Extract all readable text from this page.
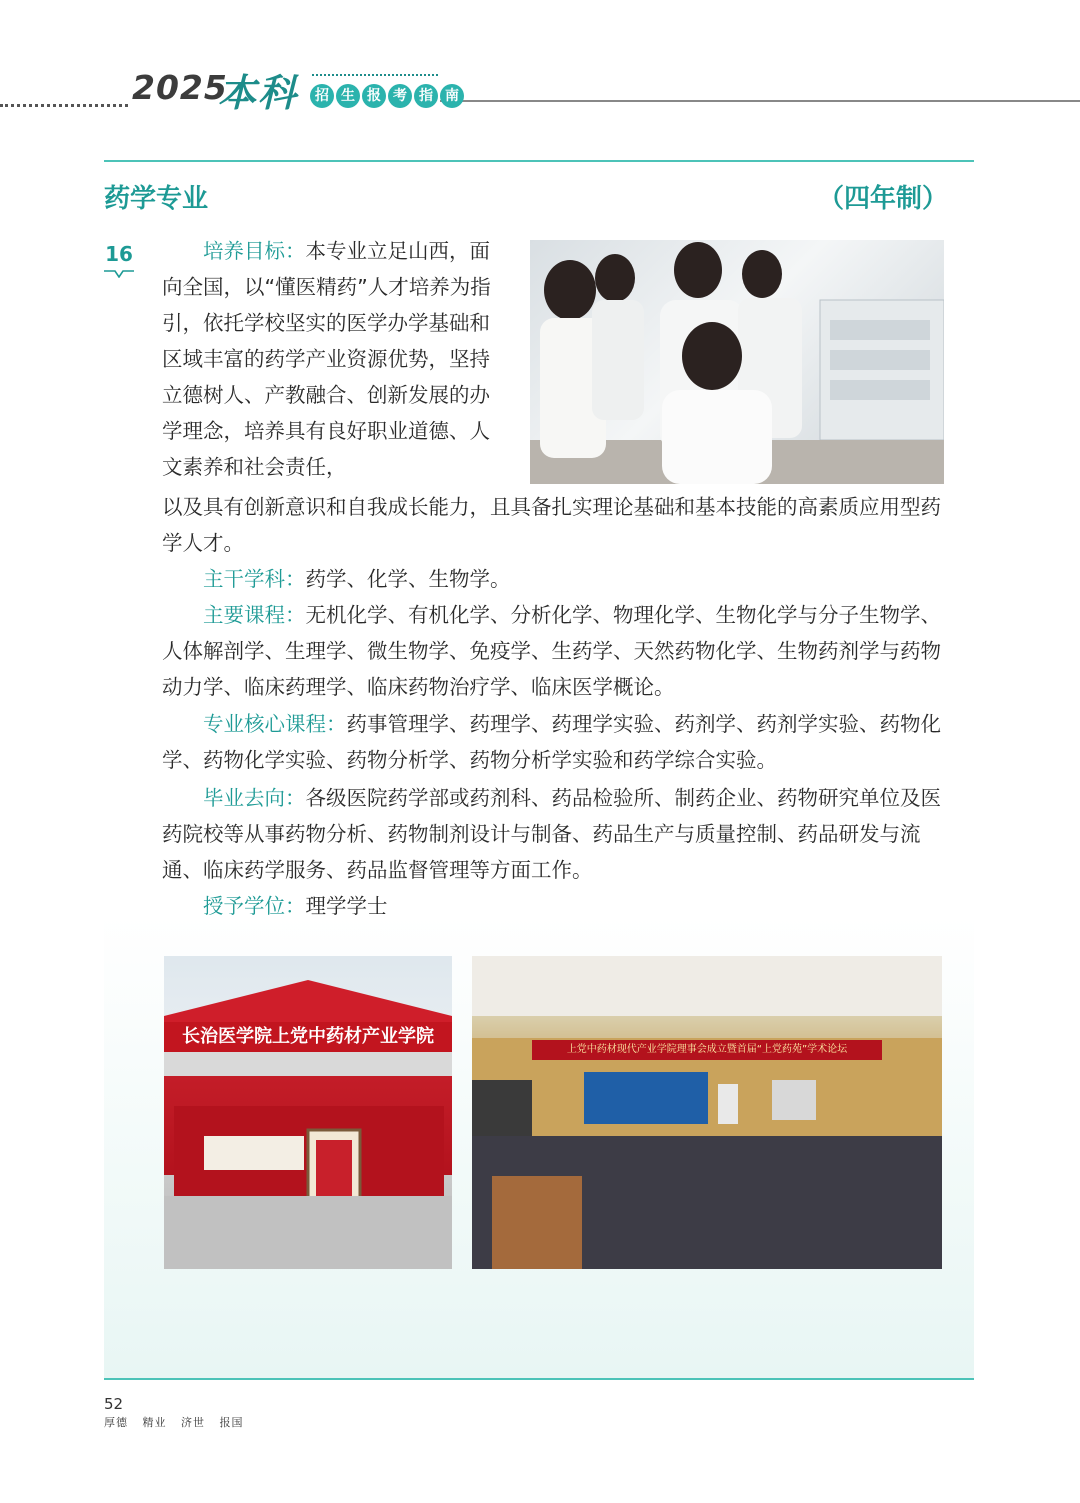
2025
本科	招 生 报 考 指 南
药学专业	（四年制）
16	培养目标：本专业立足山西，面向全国，以“懂医精药”人才培养为指引，依托学校坚实的医学办学基础和区域丰富的药学产业资源优势，坚持立德树人、产教融合、创新发展的办学理念，培养具有良好职业道德、人文素养和社会责任，
以及具有创新意识和自我成长能力，且具备扎实理论基础和基本技能的高素质应用型药学人才。
主干学科：药学、化学、生物学。
主要课程：无机化学、有机化学、分析化学、物理化学、生物化学与分子生物学、人体解剖学、生理学、微生物学、免疫学、生药学、天然药物化学、生物药剂学与药物动力学、临床药理学、临床药物治疗学、临床医学概论。
专业核心课程：药事管理学、药理学、药理学实验、药剂学、药剂学实验、药物化学、药物化学实验、药物分析学、药物分析学实验和药学综合实验。
毕业去向：各级医院药学部或药剂科、药品检验所、制药企业、药物研究单位及医药院校等从事药物分析、药物制剂设计与制备、药品生产与质量控制、药品研发与流通、临床药学服务、药品监督管理等方面工作。
授予学位：理学学士
长治医学院上党中药材产业学院
上党中药材现代产业学院理事会成立暨首届“上党药苑”学术论坛
52
厚德 精业 济世 报国
